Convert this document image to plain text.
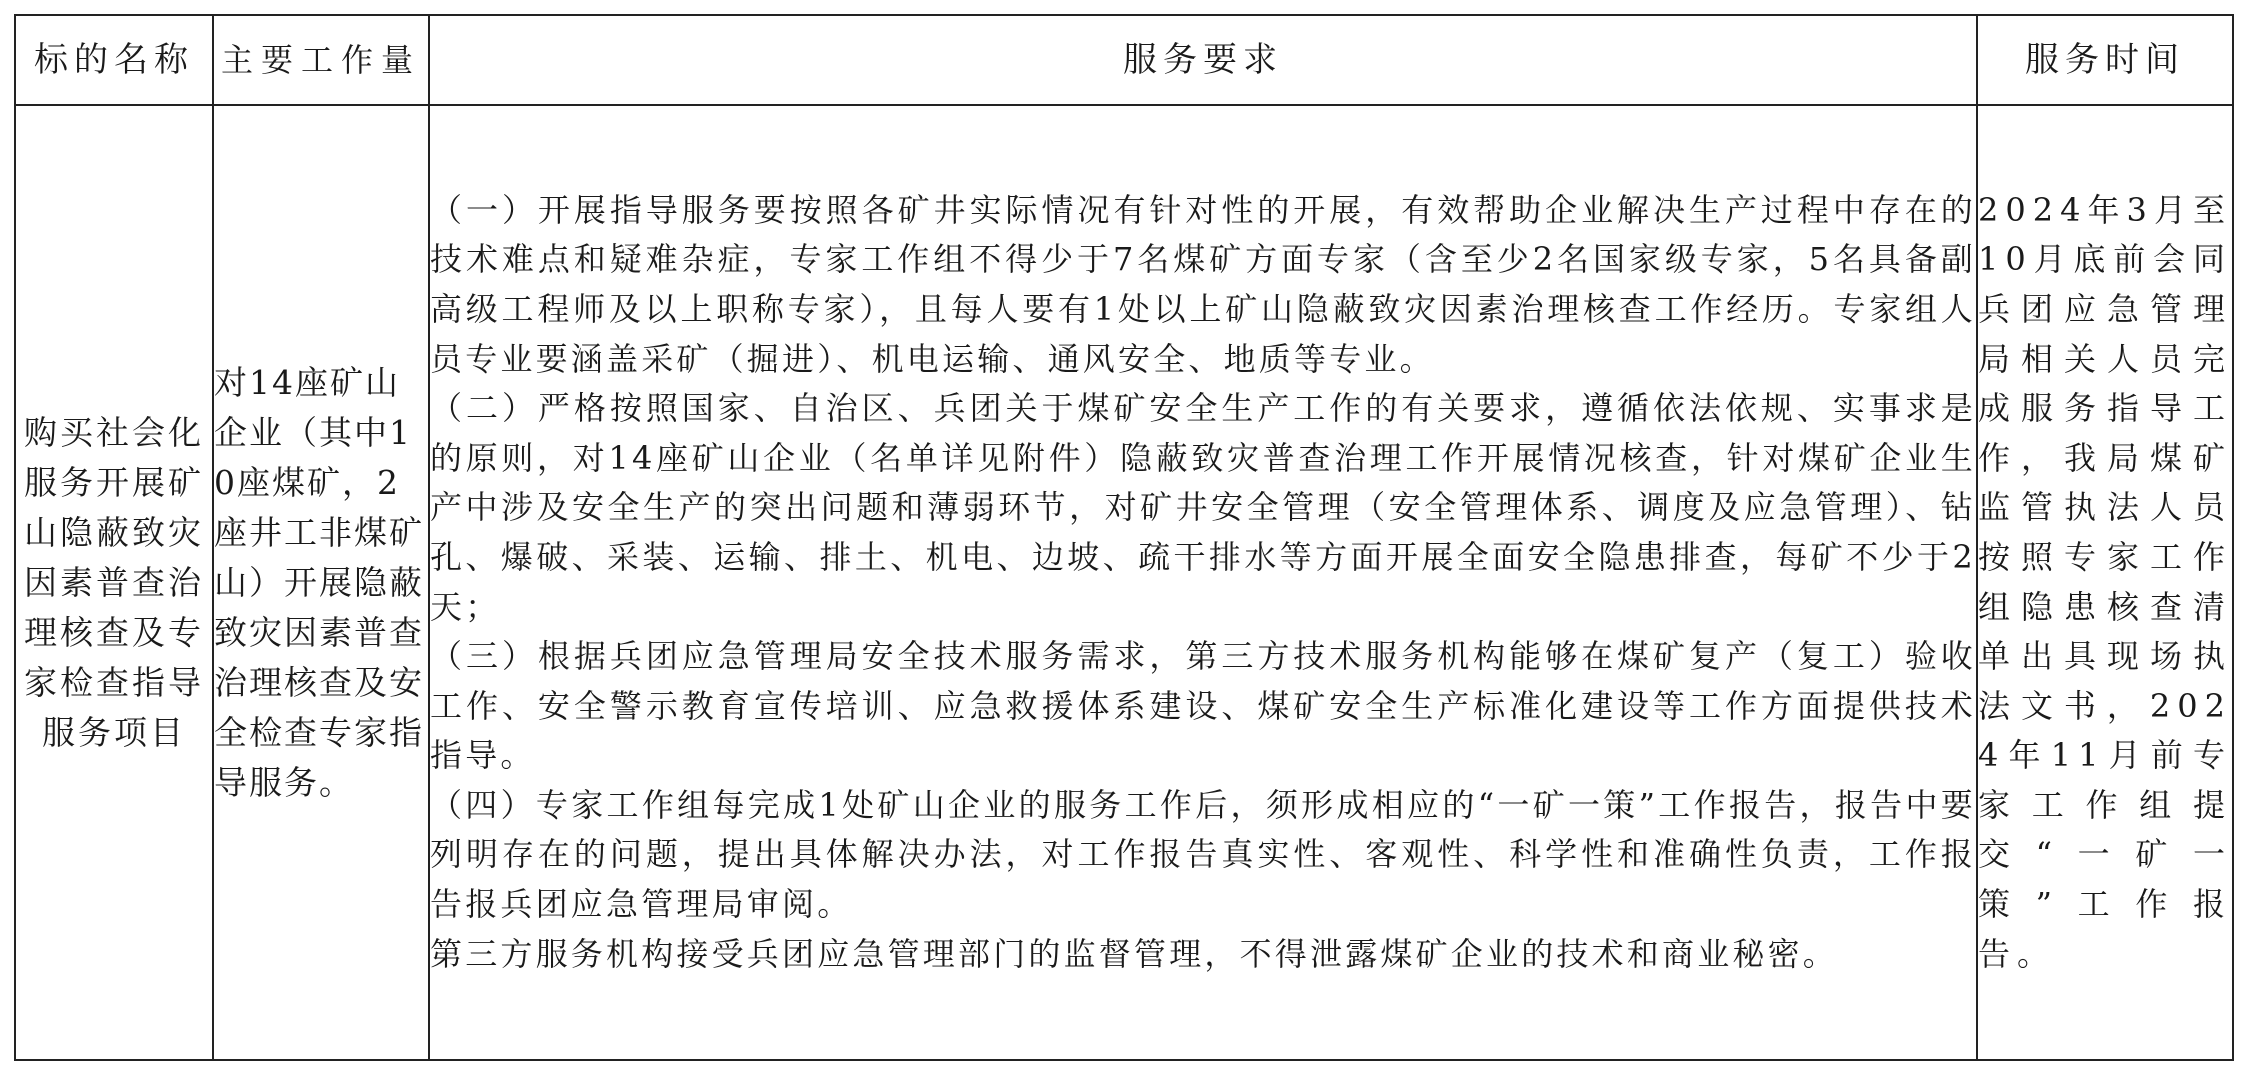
标的名称	主要工作量	服务要求	服务时间
购买社会化服务开展矿山隐蔽致灾因素普查治理核查及专家检查指导服务项目	对14座矿山企业（其中10座煤矿，2座井工非煤矿山）开展隐蔽致灾因素普查治理核查及安全检查专家指导服务。	（一）开展指导服务要按照各矿井实际情况有针对性的开展，有效帮助企业解决生产过程中存在的技术难点和疑难杂症，专家工作组不得少于7名煤矿方面专家（含至少2名国家级专家，5名具备副高级工程师及以上职称专家），且每人要有1处以上矿山隐蔽致灾因素治理核查工作经历。专家组人员专业要涵盖采矿（掘进）、机电运输、通风安全、地质等专业。

（二）严格按照国家、自治区、兵团关于煤矿安全生产工作的有关要求，遵循依法依规、实事求是的原则，对14座矿山企业（名单详见附件）隐蔽致灾普查治理工作开展情况核查，针对煤矿企业生产中涉及安全生产的突出问题和薄弱环节，对矿井安全管理（安全管理体系、调度及应急管理）、钻孔、爆破、采装、运输、排土、机电、边坡、疏干排水等方面开展全面安全隐患排查，每矿不少于2天；

（三）根据兵团应急管理局安全技术服务需求，第三方技术服务机构能够在煤矿复产（复工）验收工作、安全警示教育宣传培训、应急救援体系建设、煤矿安全生产标准化建设等工作方面提供技术指导。

（四）专家工作组每完成1处矿山企业的服务工作后，须形成相应的“一矿一策”工作报告，报告中要列明存在的问题，提出具体解决办法，对工作报告真实性、客观性、科学性和准确性负责，工作报告报兵团应急管理局审阅。

第三方服务机构接受兵团应急管理部门的监督管理，不得泄露煤矿企业的技术和商业秘密。	2024年3月至10月底前会同兵团应急管理局相关人员完成服务指导工作，我局煤矿监管执法人员按照专家工作组隐患核查清单出具现场执法文书，2024年11月前专家工作组提交“一矿一策”工作报告。
